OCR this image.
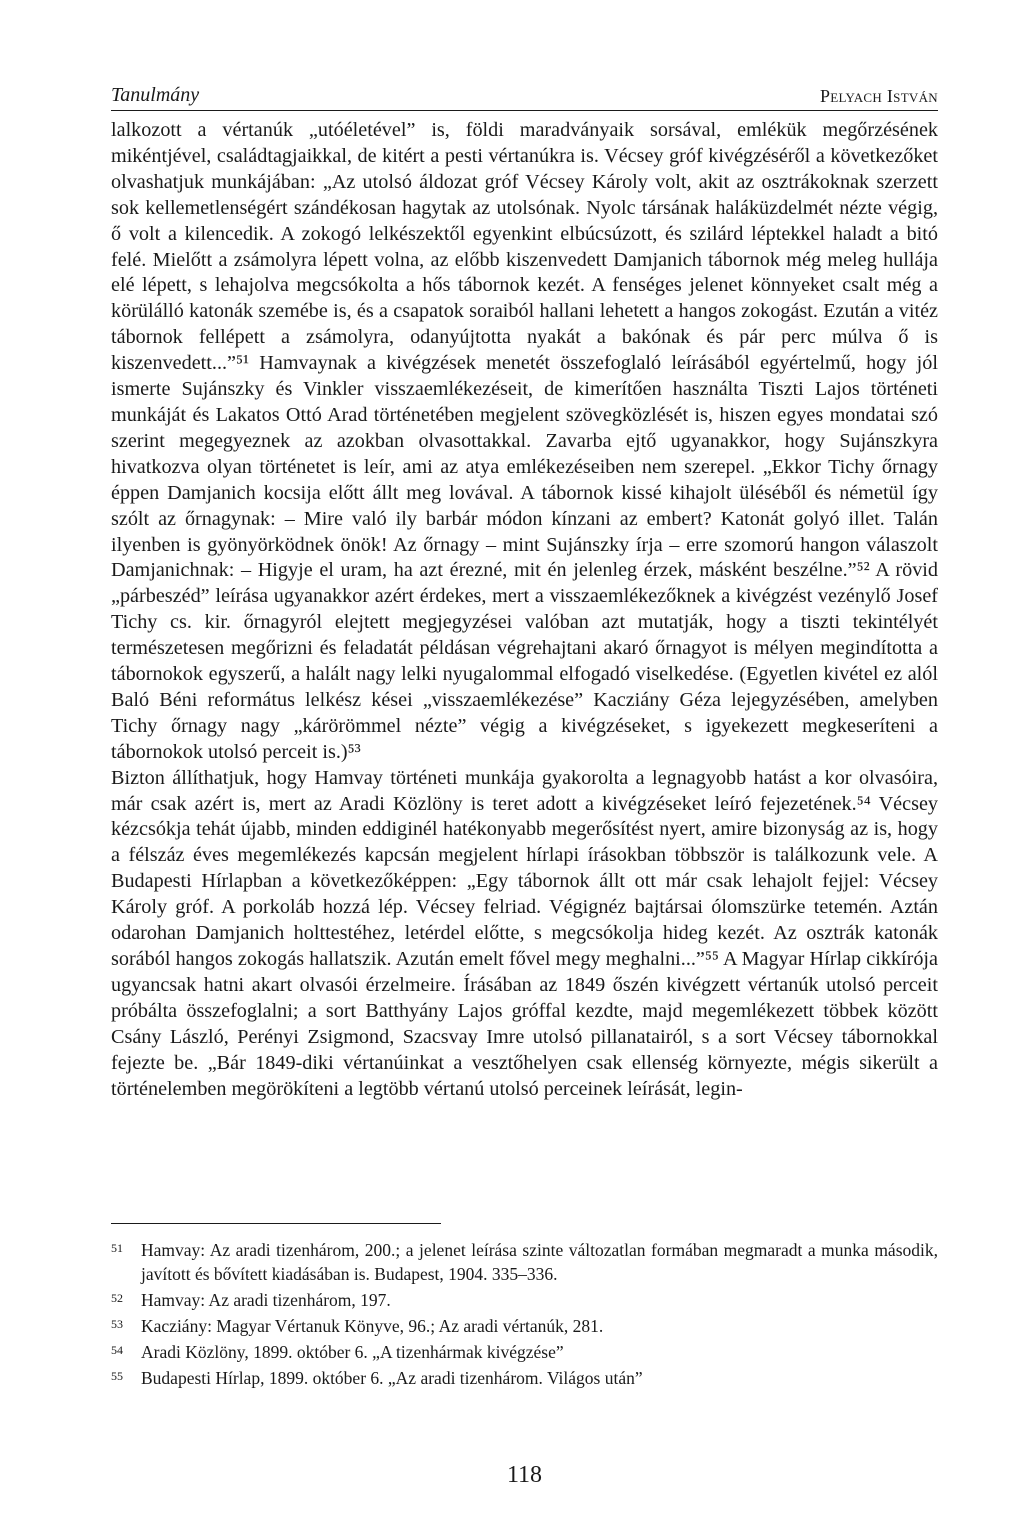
Tanulmány	Pelyach István

lalkozott a vértanúk „utóéletével” is, földi maradványaik sorsával, emlékük megőrzésének mikéntjével, családtagjaikkal, de kitért a pesti vértanúkra is. Vécsey gróf kivégzéséről a következőket olvashatjuk munkájában: „Az utolsó áldozat gróf Vécsey Károly volt, akit az osztrákoknak szerzett sok kellemetlenségért szándékosan hagytak az utolsónak. Nyolc társának haláküzdelmét nézte végig, ő volt a kilencedik. A zokogó lelkészektől egyenkint elbúcsúzott, és szilárd léptekkel haladt a bitó felé. Mielőtt a zsámolyra lépett volna, az előbb kiszenvedett Damjanich tábornok még meleg hullája elé lépett, s lehajolva megcsókolta a hős tábornok kezét. A fenséges jelenet könnyeket csalt még a körülálló katonák szemébe is, és a csapatok soraiból hallani lehetett a hangos zokogást. Ezután a vitéz tábornok fellépett a zsámolyra, odanyújtotta nyakát a bakónak és pár perc múlva ő is kiszenvedett...”⁵¹ Hamvaynak a kivégzések menetét összefoglaló leírásából egyértelmű, hogy jól ismerte Sujánszky és Vinkler visszaemlékezéseit, de kimerítően használta Tiszti Lajos történeti munkáját és Lakatos Ottó Arad történetében megjelent szövegközlését is, hiszen egyes mondatai szó szerint megegyeznek az azokban olvasottakkal. Zavarba ejtő ugyanakkor, hogy Sujánszkyra hivatkozva olyan történetet is leír, ami az atya emlékezéseiben nem szerepel. „Ekkor Tichy őrnagy éppen Damjanich kocsija előtt állt meg lovával. A tábornok kissé kihajolt üléséből és németül így szólt az őrnagynak: – Mire való ily barbár módon kínzani az embert? Katonát golyó illet. Talán ilyenben is gyönyörködnek önök! Az őrnagy – mint Sujánszky írja – erre szomorú hangon válaszolt Damjanichnak: – Higyje el uram, ha azt érezné, mit én jelenleg érzek, másként beszélne.”⁵² A rövid „párbeszéd” leírása ugyanakkor azért érdekes, mert a visszaemlékezőknek a kivégzést vezénylő Josef Tichy cs. kir. őrnagyról elejtett megjegyzései valóban azt mutatják, hogy a tiszti tekintélyét természetesen megőrizni és feladatát példásan végrehajtani akaró őrnagyot is mélyen megindította a tábornokok egyszerű, a halált nagy lelki nyugalommal elfogadó viselkedése. (Egyetlen kivétel ez alól Baló Béni református lelkész kései „visszaemlékezése” Kacziány Géza lejegyzésében, amelyben Tichy őrnagy nagy „kárörömmel nézte” végig a kivégzéseket, s igyekezett megkeseríteni a tábornokok utolsó perceit is.)⁵³

Bizton állíthatjuk, hogy Hamvay történeti munkája gyakorolta a legnagyobb hatást a kor olvasóira, már csak azért is, mert az Aradi Közlöny is teret adott a kivégzéseket leíró fejezetének.⁵⁴ Vécsey kézcsókja tehát újabb, minden eddiginél hatékonyabb megerősítést nyert, amire bizonyság az is, hogy a félszáz éves megemlékezés kapcsán megjelent hírlapi írásokban többször is találkozunk vele. A Budapesti Hírlapban a következőképpen: „Egy tábornok állt ott már csak lehajolt fejjel: Vécsey Károly gróf. A porkoláb hozzá lép. Vécsey felriad. Végignéz bajtársai ólomszürke tetemén. Aztán odarohan Damjanich holttestéhez, letérdel előtte, s megcsókolja hideg kezét. Az osztrák katonák sorából hangos zokogás hallatszik. Azután emelt fővel megy meghalni...”⁵⁵ A Magyar Hírlap cikkírója ugyancsak hatni akart olvasói érzelmeire. Írásában az 1849 őszén kivégzett vértanúk utolsó perceit próbálta összefoglalni; a sort Batthyány Lajos gróffal kezdte, majd megemlékezett többek között Csány László, Perényi Zsigmond, Szacsvay Imre utolsó pillanatairól, s a sort Vécsey tábornokkal fejezte be. „Bár 1849-diki vértanúinkat a vesztőhelyen csak ellenség környezte, mégis sikerült a történelemben megörökíteni a legtöbb vértanú utolsó perceinek leírását, legin-

51	Hamvay: Az aradi tizenhárom, 200.; a jelenet leírása szinte változatlan formában megmaradt a munka második, javított és bővített kiadásában is. Budapest, 1904. 335–336.
52	Hamvay: Az aradi tizenhárom, 197.
53	Kacziány: Magyar Vértanuk Könyve, 96.; Az aradi vértanúk, 281.
54	Aradi Közlöny, 1899. október 6. „A tizenhármak kivégzése”
55	Budapesti Hírlap, 1899. október 6. „Az aradi tizenhárom. Világos után”
118
